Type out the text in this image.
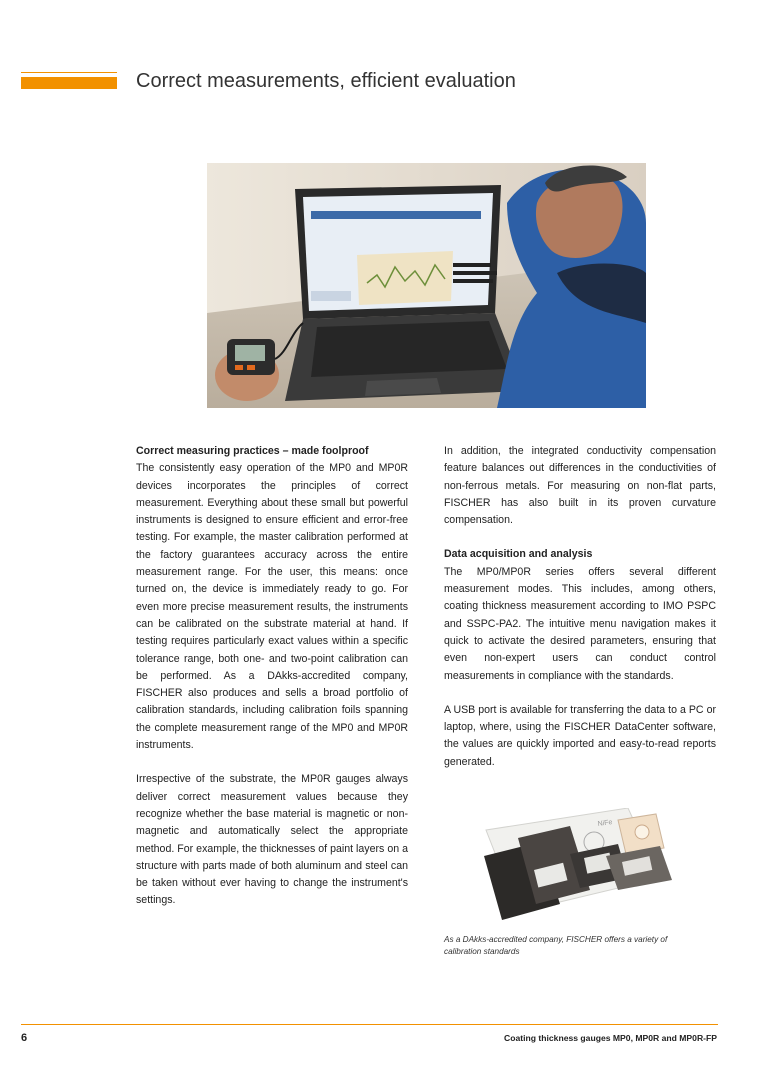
Correct measurements, efficient evaluation
Correct measuring practices – made foolproof

The consistently easy operation of the MP0 and MP0R devices incorporates the principles of correct measurement. Everything about these small but powerful instruments is designed to ensure efficient and error-free testing. For example, the master calibration performed at the factory guarantees accuracy across the entire measurement range. For the user, this means: once turned on, the device is immediately ready to go. For even more precise measurement results, the instruments can be calibrated on the substrate material at hand. If testing requires particularly exact values within a specific tolerance range, both one- and two-point calibration can be performed. As a DAkks-accredited company, FISCHER also produces and sells a broad portfolio of calibration standards, including calibration foils spanning the complete measurement range of the MP0 and MP0R instruments.

Irrespective of the substrate, the MP0R gauges always deliver correct measurement values because they recognize whether the base material is magnetic or non-magnetic and automatically select the appropriate method. For example, the thicknesses of paint layers on a structure with parts made of both aluminum and steel can be taken without ever having to change the instrument's settings.

In addition, the integrated conductivity compensation feature balances out differences in the conductivities of non-ferrous metals. For measuring on non-flat parts, FISCHER has also built in its proven curvature compensation.

Data acquisition and analysis

The MP0/MP0R series offers several different measurement modes. This includes, among others, coating thickness measurement according to IMO PSPC and SSPC-PA2. The intuitive menu navigation makes it quick to activate the desired parameters, ensuring that even non-expert users can conduct control measurements in compliance with the standards.

A USB port is available for transferring the data to a PC or laptop, where, using the FISCHER DataCenter software, the values are quickly imported and easy-to-read reports generated.

NiFe

As a DAkks-accredited company, FISCHER offers a variety of calibration standards

6	Coating thickness gauges MP0, MP0R and MP0R-FP
